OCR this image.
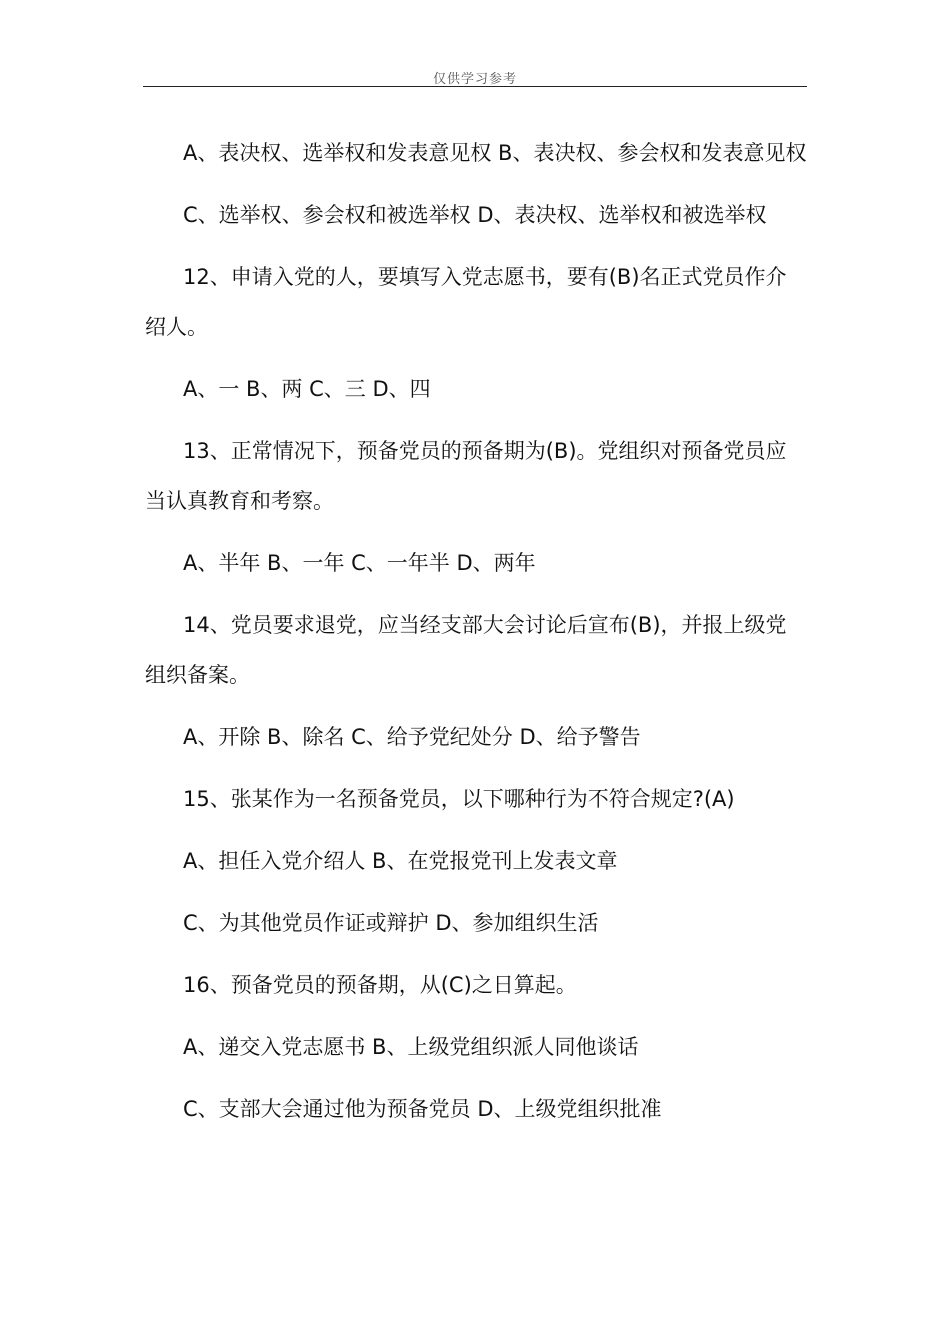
仅供学习参考

A、表决权、选举权和发表意见权 B、表决权、参会权和发表意见权

C、选举权、参会权和被选举权 D、表决权、选举权和被选举权

12、申请入党的人，要填写入党志愿书，要有(B)名正式党员作介绍人。

A、一 B、两 C、三 D、四

13、正常情况下，预备党员的预备期为(B)。党组织对预备党员应当认真教育和考察。

A、半年 B、一年 C、一年半 D、两年

14、党员要求退党，应当经支部大会讨论后宣布(B)，并报上级党组织备案。

A、开除 B、除名 C、给予党纪处分 D、给予警告

15、张某作为一名预备党员，以下哪种行为不符合规定?(A)

A、担任入党介绍人 B、在党报党刊上发表文章

C、为其他党员作证或辩护 D、参加组织生活

16、预备党员的预备期，从(C)之日算起。

A、递交入党志愿书 B、上级党组织派人同他谈话

C、支部大会通过他为预备党员 D、上级党组织批准
